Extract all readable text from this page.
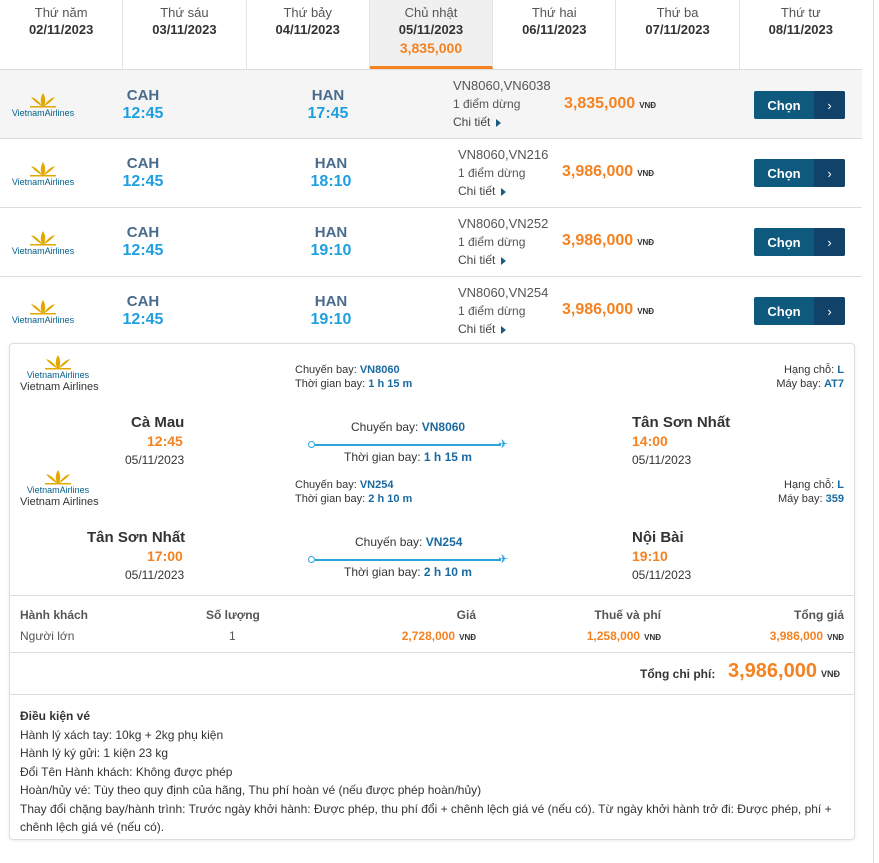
Thứ năm
02/11/2023
Thứ sáu
03/11/2023
Thứ bảy
04/11/2023
Chủ nhật
05/11/2023
3,835,000
Thứ hai
06/11/2023
Thứ ba
07/11/2023
Thứ tư
08/11/2023
VietnamAirlines
CAH
12:45
HAN
17:45
VN8060,VN6038
1 điểm dừng
Chi tiết
3,835,000 VNĐ	Chọn	›
VietnamAirlines
CAH
12:45
HAN
18:10
VN8060,VN216
1 điểm dừng
Chi tiết
3,986,000 VNĐ	Chọn	›
VietnamAirlines
CAH
12:45
HAN
19:10
VN8060,VN252
1 điểm dừng
Chi tiết
3,986,000 VNĐ	Chọn	›
VietnamAirlines
CAH
12:45
HAN
19:10
VN8060,VN254
1 điểm dừng
Chi tiết
3,986,000 VNĐ	Chọn	›
VietnamAirlines
Vietnam Airlines
Chuyến bay: VN8060
Thời gian bay: 1 h 15 m
Hạng chỗ: L
Máy bay: AT7
Cà Mau
12:45
05/11/2023
Chuyến bay: VN8060
✈
Thời gian bay: 1 h 15 m
Tân Sơn Nhất
14:00
05/11/2023
VietnamAirlines
Vietnam Airlines
Chuyến bay: VN254
Thời gian bay: 2 h 10 m
Hạng chỗ: L
Máy bay: 359
Tân Sơn Nhất
17:00
05/11/2023
Chuyến bay: VN254
✈
Thời gian bay: 2 h 10 m
Nội Bài
19:10
05/11/2023
Hành khách	Số lượng	Giá	Thuế và phí	Tổng giá
Người lớn	1	2,728,000 VNĐ	1,258,000 VNĐ	3,986,000 VNĐ
Tổng chi phí: 3,986,000 VNĐ
Điều kiện vé
Hành lý xách tay: 10kg + 2kg phụ kiện
Hành lý ký gửi: 1 kiện 23 kg
Đổi Tên Hành khách: Không được phép
Hoàn/hủy vé: Tùy theo quy định của hãng, Thu phí hoàn vé (nếu được phép hoàn/hủy)
Thay đổi chặng bay/hành trình: Trước ngày khởi hành: Được phép, thu phí đổi + chênh lệch giá vé (nếu có). Từ ngày khởi hành trở đi: Được phép, phí + chênh lệch giá vé (nếu có).
